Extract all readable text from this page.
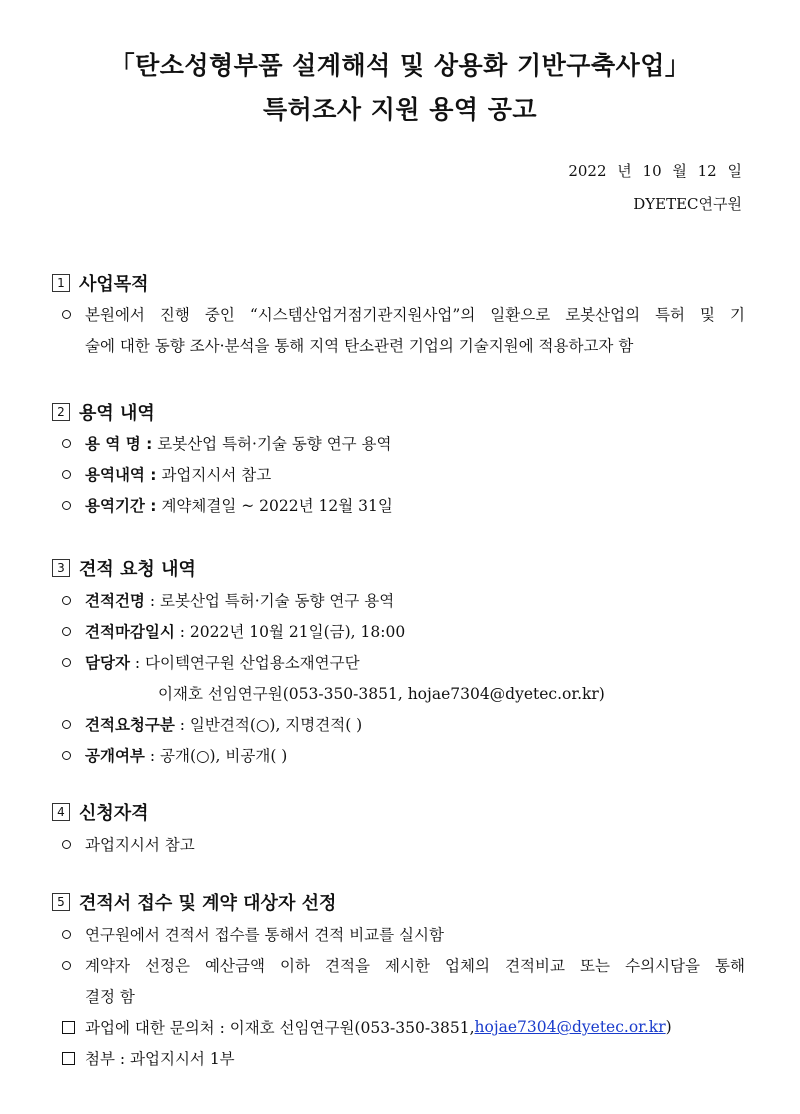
「탄소성형부품 설계해석 및 상용화 기반구축사업」
특허조사 지원 용역 공고
2022 년 10 월 12 일
DYETEC연구원
1 사업목적
본원에서 진행 중인 “시스템산업거점기관지원사업”의 일환으로 로봇산업의 특허 및 기
술에 대한 동향 조사·분석을 통해 지역 탄소관련 기업의 기술지원에 적용하고자 함
2 용역 내역
용 역 명 :
로봇산업 특허·기술 동향 연구 용역
용역내역 :
과업지시서 참고
용역기간 :
계약체결일 ~ 2022년 12월 31일
3 견적 요청 내역
견적건명
: 로봇산업 특허·기술 동향 연구 용역
견적마감일시
: 2022년 10월 21일(금), 18:00
담당자
: 다이텍연구원 산업용소재연구단
이재호 선임연구원(053-350-3851, hojae7304@dyetec.or.kr)
견적요청구분
: 일반견적(○), 지명견적( )
공개여부
: 공개(○), 비공개( )
4 신청자격
과업지시서 참고
5 견적서 접수 및 계약 대상자 선정
연구원에서 견적서 접수를 통해서 견적 비교를 실시함
계약자 선정은 예산금액 이하 견적을 제시한 업체의 견적비교 또는 수의시담을 통해
결정 함
과업에 대한 문의처 : 이재호 선임연구원(053-350-3851, hojae7304@dyetec.or.kr )
첨부 : 과업지시서 1부
